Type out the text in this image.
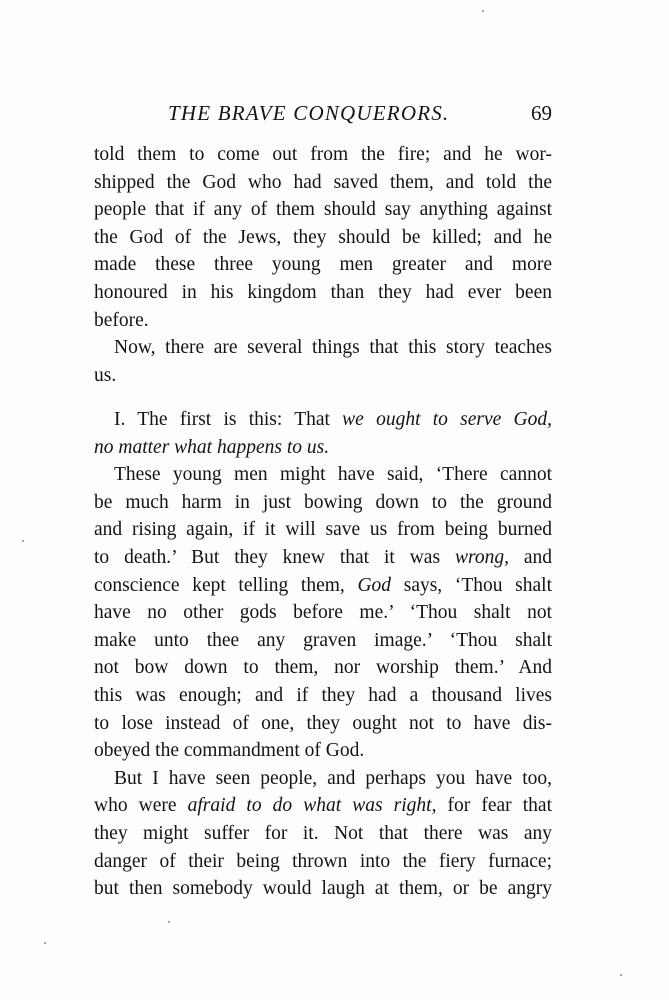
THE BRAVE CONQUERORS.	69
told them to come out from the fire; and he wor-
shipped the God who had saved them, and told the
people that if any of them should say anything against
the God of the Jews, they should be killed; and he
made these three young men greater and more
honoured in his kingdom than they had ever been
before.
Now, there are several things that this story teaches
us.
I. The first is this: That we ought to serve God,
no matter what happens to us.
These young men might have said, ‘There cannot
be much harm in just bowing down to the ground
and rising again, if it will save us from being burned
to death.’ But they knew that it was wrong, and
conscience kept telling them, God says, ‘Thou shalt
have no other gods before me.’ ‘Thou shalt not
make unto thee any graven image.’ ‘Thou shalt
not bow down to them, nor worship them.’ And
this was enough; and if they had a thousand lives
to lose instead of one, they ought not to have dis-
obeyed the commandment of God.
But I have seen people, and perhaps you have too,
who were afraid to do what was right, for fear that
they might suffer for it. Not that there was any
danger of their being thrown into the fiery furnace;
but then somebody would laugh at them, or be angry
